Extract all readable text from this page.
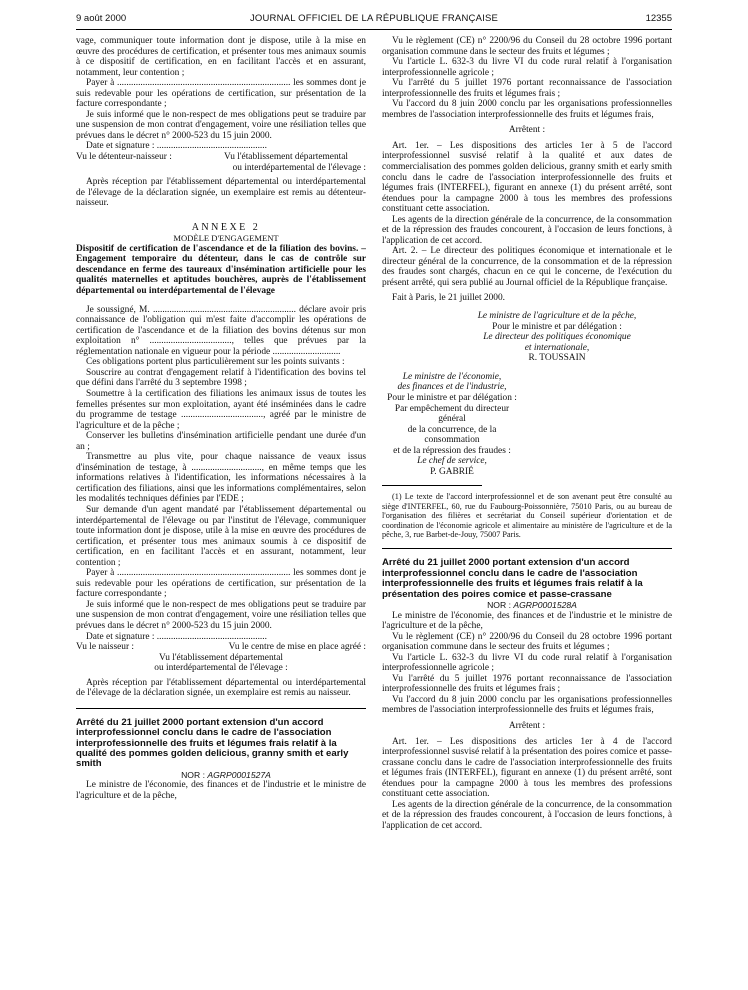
9 août 2000	JOURNAL OFFICIEL DE LA RÉPUBLIQUE FRANÇAISE	12355

vage, communiquer toute information dont je dispose, utile à la mise en œuvre des procédures de certification, et présenter tous mes animaux soumis à ce dispositif de certification, en en facilitant l'accès et en assurant, notamment, leur contention ;

Payer à .......................................................................... les sommes dont je suis redevable pour les opérations de certification, sur présentation de la facture correspondante ;

Je suis informé que le non-respect de mes obligations peut se traduire par une suspension de mon contrat d'engagement, voire une résiliation telles que prévues dans le décret n° 2000-523 du 15 juin 2000.

Date et signature : ...............................................

Vu le détenteur-naisseur :	Vu l'établissement départemental

ou interdépartemental de l'élevage :

Après réception par l'établissement départemental ou interdépartemental de l'élevage de la déclaration signée, un exemplaire est remis au détenteur-naisseur.

ANNEXE 2

MODÈLE D'ENGAGEMENT

Dispositif de certification de l'ascendance et de la filiation des bovins. – Engagement temporaire du détenteur, dans le cas de contrôle sur descendance en ferme des taureaux d'insémination artificielle pour les qualités maternelles et aptitudes bouchères, auprès de l'établissement départemental ou interdépartemental de l'élevage

Je soussigné, M. ............................................................. déclare avoir pris connaissance de l'obligation qui m'est faite d'accomplir les opérations de certification de l'ascendance et de la filiation des bovins détenus sur mon exploitation n° ..................................., telles que prévues par la réglementation nationale en vigueur pour la période .............................

Ces obligations portent plus particulièrement sur les points suivants :

Souscrire au contrat d'engagement relatif à l'identification des bovins tel que défini dans l'arrêté du 3 septembre 1998 ;

Soumettre à la certification des filiations les animaux issus de toutes les femelles présentes sur mon exploitation, ayant été inséminées dans le cadre du programme de testage ..................................., agréé par le ministre de l'agriculture et de la pêche ;

Conserver les bulletins d'insémination artificielle pendant une durée d'un an ;

Transmettre au plus vite, pour chaque naissance de veaux issus d'insémination de testage, à .............................., en même temps que les informations relatives à l'identification, les informations nécessaires à la certification des filiations, ainsi que les informations complémentaires, selon les modalités techniques définies par l'EDE ;

Sur demande d'un agent mandaté par l'établissement départemental ou interdépartemental de l'élevage ou par l'institut de l'élevage, communiquer toute information dont je dispose, utile à la mise en œuvre des procédures de certification, et présenter tous mes animaux soumis à ce dispositif de certification, en en facilitant l'accès et en assurant, notamment, leur contention ;

Payer à .......................................................................... les sommes dont je suis redevable pour les opérations de certification, sur présentation de la facture correspondante ;

Je suis informé que le non-respect de mes obligations peut se traduire par une suspension de mon contrat d'engagement, voire une résiliation telles que prévues dans le décret n° 2000-523 du 15 juin 2000.

Date et signature : ...............................................

Vu le naisseur :	Vu le centre de mise en place agréé :

Vu l'établissement départemental

ou interdépartemental de l'élevage :

Après réception par l'établissement départemental ou interdépartemental de l'élevage de la déclaration signée, un exemplaire est remis au naisseur.

Arrêté du 21 juillet 2000 portant extension d'un accord interprofessionnel conclu dans le cadre de l'association interprofessionnelle des fruits et légumes frais relatif à la qualité des pommes golden delicious, granny smith et early smith

NOR : AGRP0001527A

Le ministre de l'économie, des finances et de l'industrie et le ministre de l'agriculture et de la pêche,

Vu le règlement (CE) n° 2200/96 du Conseil du 28 octobre 1996 portant organisation commune dans le secteur des fruits et légumes ;

Vu l'article L. 632-3 du livre VI du code rural relatif à l'organisation interprofessionnelle agricole ;

Vu l'arrêté du 5 juillet 1976 portant reconnaissance de l'association interprofessionnelle des fruits et légumes frais ;

Vu l'accord du 8 juin 2000 conclu par les organisations professionnelles membres de l'association interprofessionnelle des fruits et légumes frais,

Arrêtent :

Art. 1er. – Les dispositions des articles 1er à 5 de l'accord interprofessionnel susvisé relatif à la qualité et aux dates de commercialisation des pommes golden delicious, granny smith et early smith conclu dans le cadre de l'association interprofessionnelle des fruits et légumes frais (INTERFEL), figurant en annexe (1) du présent arrêté, sont étendues pour la campagne 2000 à tous les membres des professions constituant cette association.

Les agents de la direction générale de la concurrence, de la consommation et de la répression des fraudes concourent, à l'occasion de leurs fonctions, à l'application de cet accord.

Art. 2. – Le directeur des politiques économique et internationale et le directeur général de la concurrence, de la consommation et de la répression des fraudes sont chargés, chacun en ce qui le concerne, de l'exécution du présent arrêté, qui sera publié au Journal officiel de la République française.

Fait à Paris, le 21 juillet 2000.

Le ministre de l'agriculture et de la pêche,

Pour le ministre et par délégation :

Le directeur des politiques économique

et internationale,

R. TOUSSAIN

Le ministre de l'économie,

des finances et de l'industrie,

Pour le ministre et par délégation :

Par empêchement du directeur général

de la concurrence, de la consommation

et de la répression des fraudes :

Le chef de service,

P. GABRIÉ

(1) Le texte de l'accord interprofessionnel et de son avenant peut être consulté au siège d'INTERFEL, 60, rue du Faubourg-Poissonnière, 75010 Paris, ou au bureau de l'organisation des filières et secrétariat du Conseil supérieur d'orientation et de coordination de l'économie agricole et alimentaire au ministère de l'agriculture et de la pêche, 3, rue Barbet-de-Jouy, 75007 Paris.

Arrêté du 21 juillet 2000 portant extension d'un accord interprofessionnel conclu dans le cadre de l'association interprofessionnelle des fruits et légumes frais relatif à la présentation des poires comice et passe-crassane

NOR : AGRP0001528A

Le ministre de l'économie, des finances et de l'industrie et le ministre de l'agriculture et de la pêche,

Vu le règlement (CE) n° 2200/96 du Conseil du 28 octobre 1996 portant organisation commune dans le secteur des fruits et légumes ;

Vu l'article L. 632-3 du livre VI du code rural relatif à l'organisation interprofessionnelle agricole ;

Vu l'arrêté du 5 juillet 1976 portant reconnaissance de l'association interprofessionnelle des fruits et légumes frais ;

Vu l'accord du 8 juin 2000 conclu par les organisations professionnelles membres de l'association interprofessionnelle des fruits et légumes frais,

Arrêtent :

Art. 1er. – Les dispositions des articles 1er à 4 de l'accord interprofessionnel susvisé relatif à la présentation des poires comice et passe-crassane conclu dans le cadre de l'association interprofessionnelle des fruits et légumes frais (INTERFEL), figurant en annexe (1) du présent arrêté, sont étendues pour la campagne 2000 à tous les membres des professions constituant cette association.

Les agents de la direction générale de la concurrence, de la consommation et de la répression des fraudes concourent, à l'occasion de leurs fonctions, à l'application de cet accord.
